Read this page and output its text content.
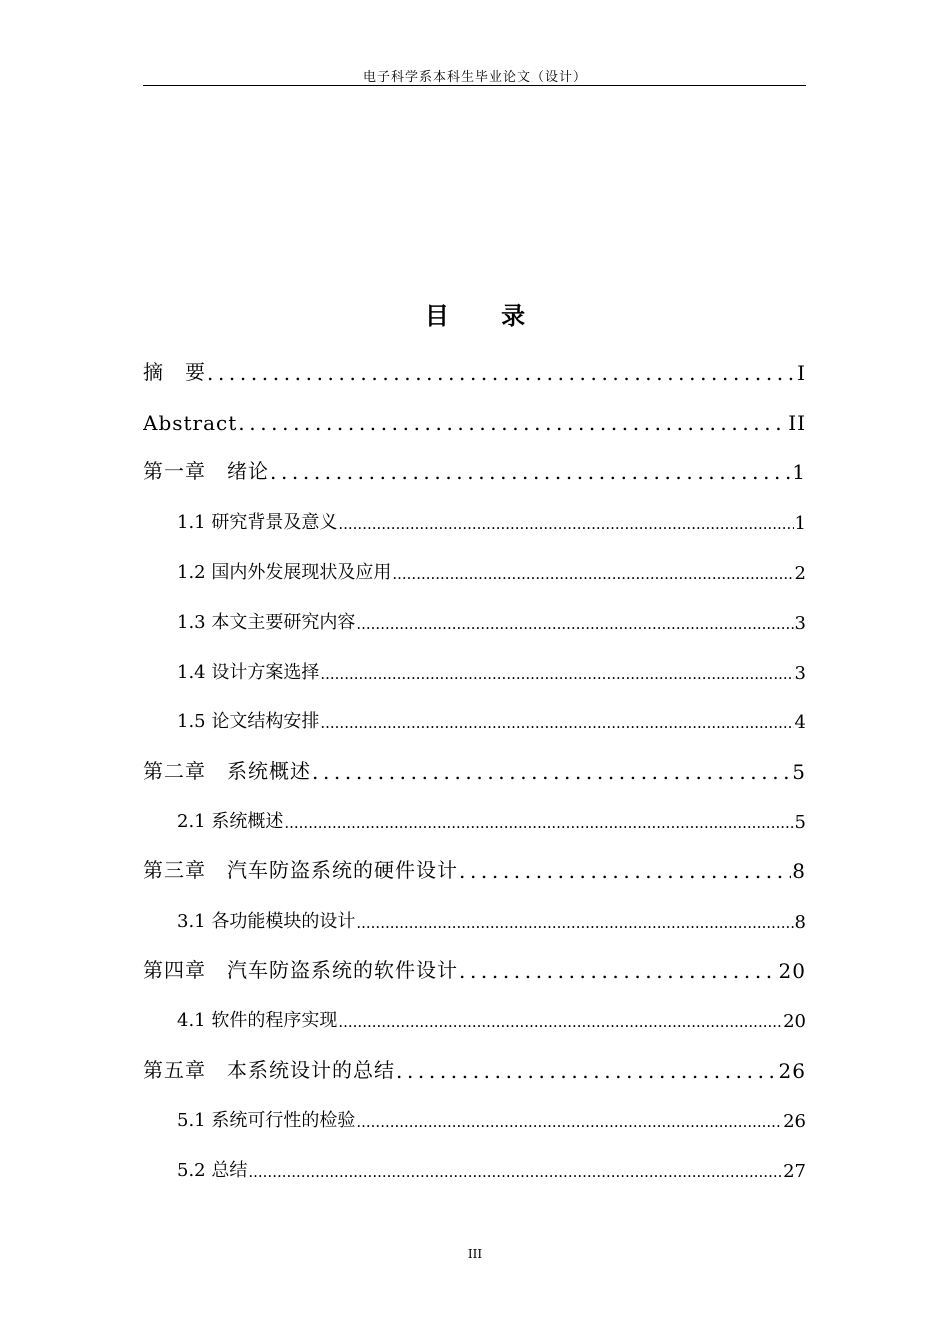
电子科学系本科生毕业论文（设计）
目 录
摘　要 .....	I
Abstract .....	II
第一章　绪论 .....	1
1.1 研究背景及意义 .....	1
1.2 国内外发展现状及应用 .....	2
1.3 本文主要研究内容 .....	3
1.4 设计方案选择 .....	3
1.5 论文结构安排 .....	4
第二章　系统概述 .....	5
2.1 系统概述 .....	5
第三章　汽车防盗系统的硬件设计 .....	8
3.1 各功能模块的设计 .....	8
第四章　汽车防盗系统的软件设计 .....	20
4.1 软件的程序实现 .....	20
第五章　本系统设计的总结 .....	26
5.1 系统可行性的检验 .....	26
5.2 总结 .....	27
III
